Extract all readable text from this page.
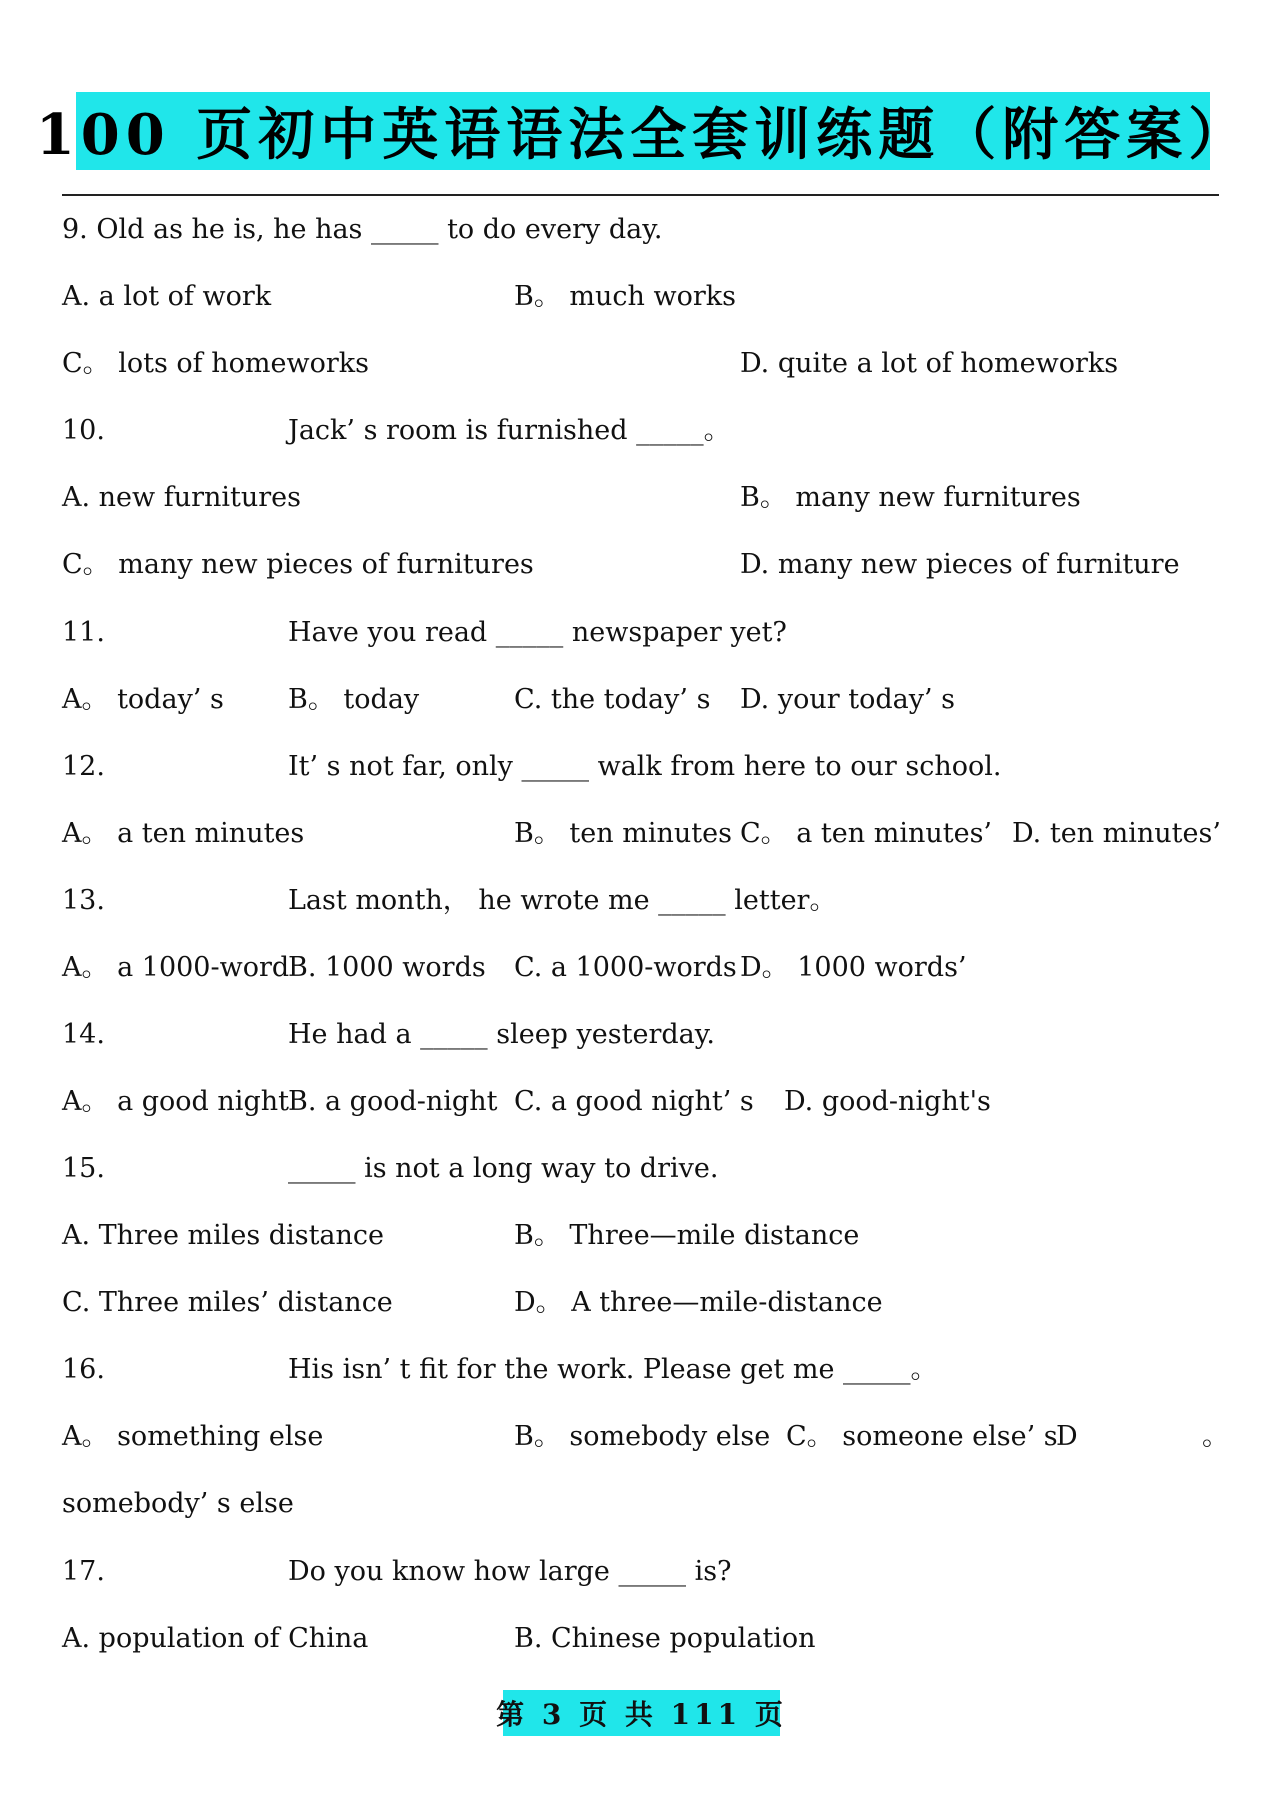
100 页初中英语语法全套训练题（附答案）
9. Old as he is, he has _____ to do every day.
A. a lot of work	B。 much works
C。 lots of homeworks	D. quite a lot of homeworks
10.	Jack’ s room is furnished _____。
A. new furnitures	B。 many new furnitures
C。 many new pieces of furnitures	D. many new pieces of furniture
11.	Have you read _____ newspaper yet?
A。 today’ s B。 today	C. the today’ s D. your today’ s
12.	It’ s not far, only _____ walk from here to our school.
A。 a ten minutes	B。 ten minutes C。 a ten minutes’ D. ten minutes’
13.	Last month， he wrote me _____ letter。
A。 a 1000-word
B. 1000 words C. a 1000-words D。 1000 words’
14.	He had a _____ sleep yesterday.
A。 a good night B. a good-night C. a good night’ s D. good-night's
15.	_____ is not a long way to drive.
A. Three miles distance	B。 Three—mile distance
C. Three miles’ distance	D。 A three—mile-distance
16.	His isn’ t fit for the work. Please get me _____。
A。 something else	B。 somebody else C。 someone else’ s
D	。
somebody’ s else
17.	Do you know how large _____ is?
A. population of China	B. Chinese population
第 3 页 共 111 页
